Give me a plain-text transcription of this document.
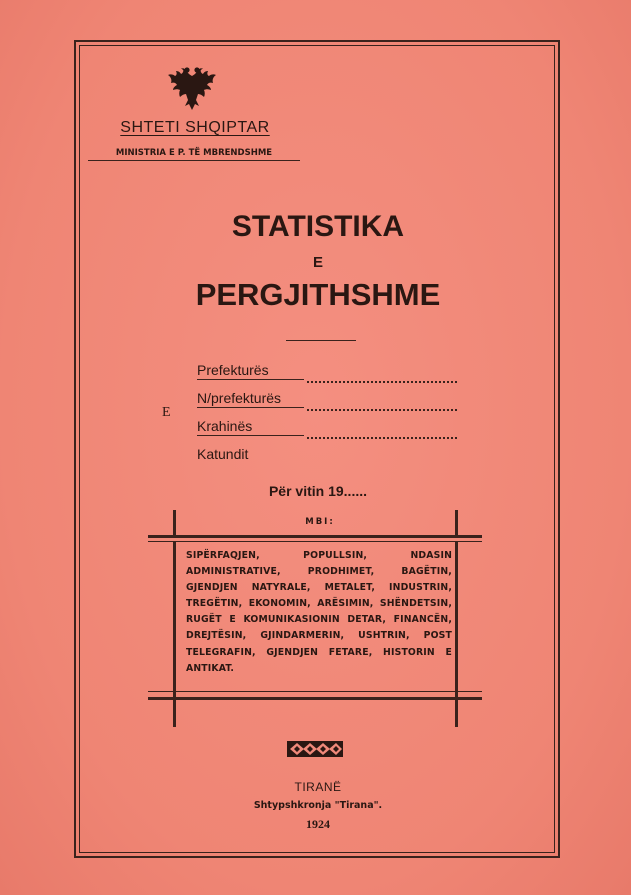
SHTETI SHQIPTAR
MINISTRIA E P. TË MBRENDSHME
STATISTIKA
E
PERGJITHSHME
E
Prefekturës
N/prefekturës
Krahinës
Katundit
Për vitin 19......
MBI:
SIPËRFAQJEN, POPULLSIN, NDASIN ADMINISTRATIVE, PRODHIMET, BAGËTIN, GJENDJEN NATYRALE, METALET, INDUSTRIN, TREGËTIN, EKONOMIN, ARËSIMIN, SHËNDETSIN, RUGËT E KOMUNIKASIONIN DETAR, FINANCËN, DREJTËSIN, GJINDARMERIN, USHTRIN, POST TELEGRAFIN, GJENDJEN FETARE, HISTORIN E ANTIKAT.
TIRANË
Shtypshkronja "Tirana".
1924
